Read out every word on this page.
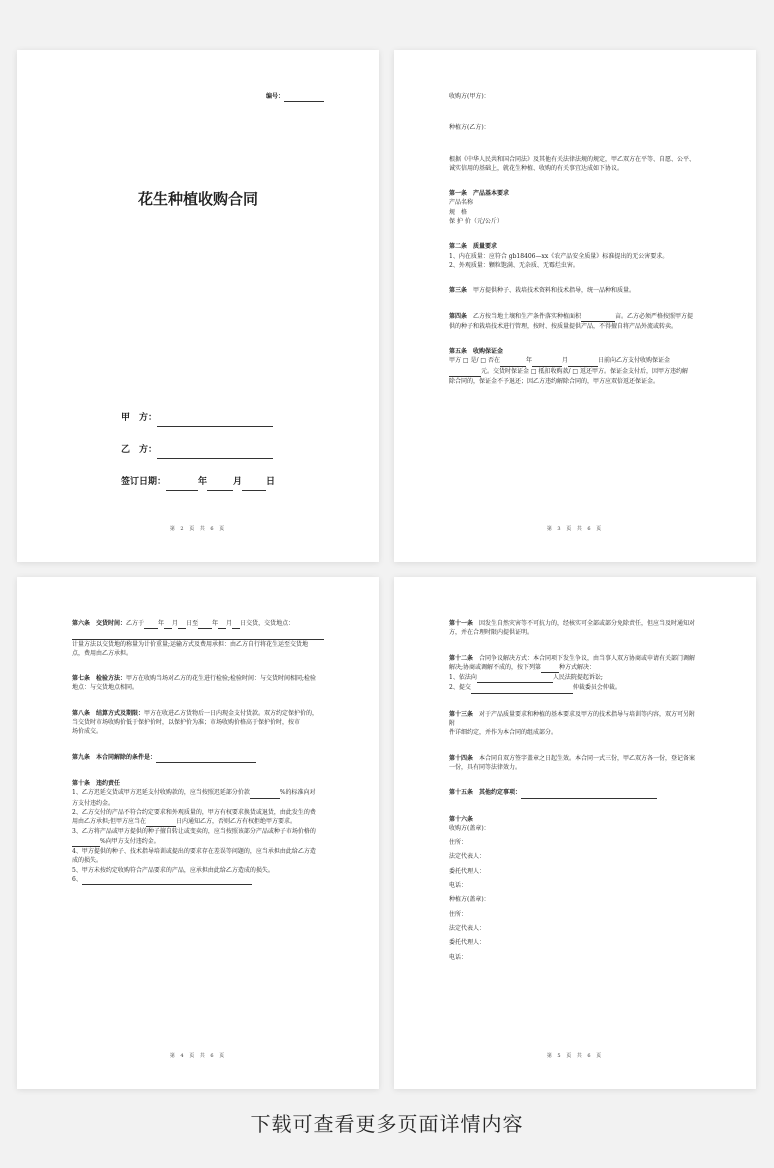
编号：
花生种植收购合同
甲　方：
乙　方：
签订日期：	年	月	日
第 2 页 共 6 页

收购方(甲方)：

种植方(乙方)：

根据《中华人民共和国合同法》及其他有关法律法规的规定，甲乙双方在平等、自愿、公平、

诚实信用的基础上，就花生种植、收购的有关事宜达成如下协议。

第一条　产品基本要求

产品名称

规　格

保 护 价（元/公斤）

第二条　质量要求

1、内在质量：应符合 gb18406—xx《农产品安全质量》标准提出的无公害要求。

2、外观质量：颗粒饱满、无杂质、无霉烂虫害。

第三条　 甲方提供种子、栽培技术资料和技术指导，统一品种和质量。

第四条　 乙方按当地土壤和生产条件落实种植面积	亩。乙方必须严格按照甲方提

供的种子和栽培技术进行管理，按时、按质量提供产品，不得擅自将产品外流或转卖。

第五条　收购保证金

甲方 □ 是/ □ 否在	年	月	日前向乙方支付收购保证金

元。交货时保证金 □ 抵扣收购款/ □ 返还甲方。保证金支付后，因甲方违约解

除合同的，保证金不予退还；因乙方违约解除合同的，甲方应双倍返还保证金。

第 3 页 共 6 页

第六条　交货时间：乙方于 年 月 日至 年 月 日交货，交货地点：

计量方法以交货地的称量为计价重量;运输方式及费用承担：由乙方自行将花生运至交货地

点，费用由乙方承担。

第七条　检验方法：甲方在收购当场对乙方的花生进行检验;检验时间：与交货时间相同;检验

地点：与交货地点相同。

第八条　结算方式及期限：甲方在收进乙方货物后一日内现金支付货款。双方约定保护价的，

当交货时市场收购价低于保护价时，以保护价为准；市场收购价格高于保护价时，按市

场价成交。

第九条　本合同解除的条件是：

第十条　违约责任

1、乙方迟延交货或甲方迟延支付收购款的，应当按照迟延部分价款	%的标准向对

方支付违约金。

2、乙方交付的产品不符合约定要求和外观质量的，甲方有权要求换货或退货，由此发生的费

用由乙方承担;但甲方应当在	日内通知乙方，否则乙方有权拒绝甲方要求。

3、乙方将产品或甲方提供的种子擅自转让或变卖的，应当按照该部分产品或种子市场价格的

%向甲方支付违约金。

4、甲方提供的种子、技术指导培训或提出的要求存在差误等问题的，应当承担由此给乙方造

成的损失。

5、甲方未按约定收购符合产品要求的产品，应承担由此给乙方造成的损失。

6、

第 4 页 共 6 页

第十一条　 因发生自然灾害等不可抗力的，经核实可全部或部分免除责任，但应当及时通知对

方，并在合理时限内提供证明。

第十二条　 合同争议解决方式：本合同项下发生争议，由当事人双方协商或申请有关部门调解

解决;协商或调解不成的，按下列第	种方式解决：

1、依法向	人民法院提起诉讼;

2、提交	仲裁委员会仲裁。

第十三条　 对于产品质量要求和种植的基本要求及甲方的技术指导与培训等内容，双方可另附附

件详细约定，并作为本合同的组成部分。

第十四条　 本合同自双方签字盖章之日起生效。本合同一式三份，甲乙双方各一份，登记备案

一份，具有同等法律效力。

第十五条　其他约定事项：

第十六条

收购方(盖章)：

住所：

法定代表人：

委托代理人：

电话：

种植方(盖章)：

住所：

法定代表人：

委托代理人：

电话：

第 5 页 共 6 页
下载可查看更多页面详情内容
